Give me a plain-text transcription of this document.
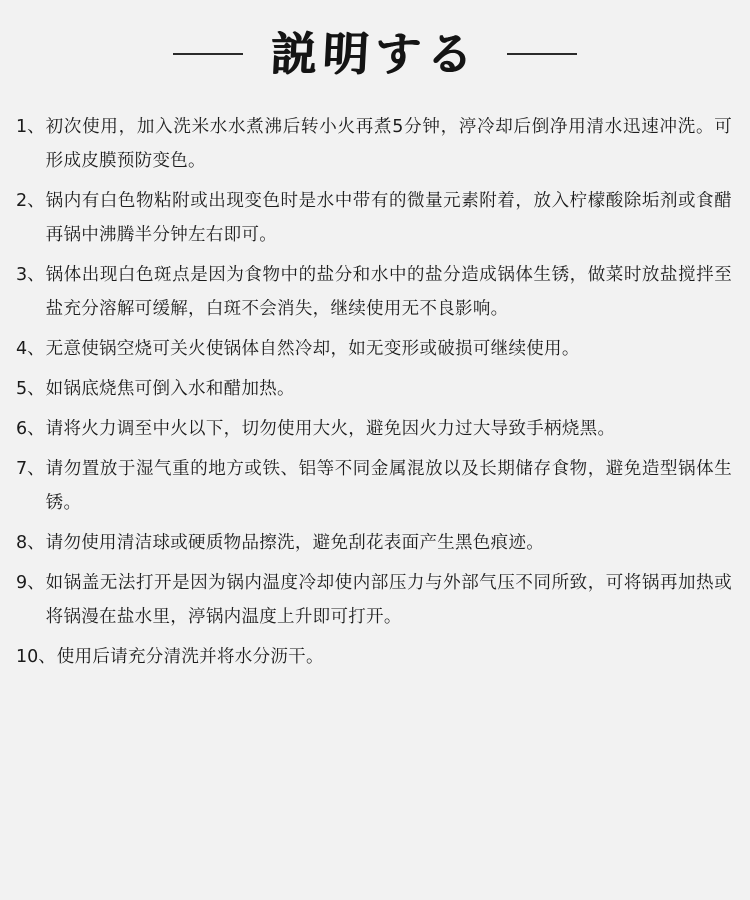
説明する
1、 初次使用，加入洗米水水煮沸后转小火再煮5分钟，渟冷却后倒净用清水迅速冲洗。可形成皮膜预防变色。
2、 锅内有白色物粘附或出现变色时是水中带有的微量元素附着，放入柠檬酸除垢剂或食醋再锅中沸腾半分钟左右即可。
3、 锅体出现白色斑点是因为食物中的盐分和水中的盐分造成锅体生锈，做菜时放盐搅拌至盐充分溶解可缓解，白斑不会消失，继续使用无不良影响。
4、 无意使锅空烧可关火使锅体自然冷却，如无变形或破损可继续使用。
5、 如锅底烧焦可倒入水和醋加热。
6、 请将火力调至中火以下，切勿使用大火，避免因火力过大导致手柄烧黑。
7、 请勿置放于湿气重的地方或铁、铝等不同金属混放以及长期储存食物，避免造型锅体生锈。
8、 请勿使用清洁球或硬质物品擦洗，避免刮花表面产生黑色痕迹。
9、 如锅盖无法打开是因为锅内温度冷却使内部压力与外部气压不同所致，可将锅再加热或将锅漫在盐水里，渟锅内温度上升即可打开。
10、 使用后请充分清洗并将水分沥干。
